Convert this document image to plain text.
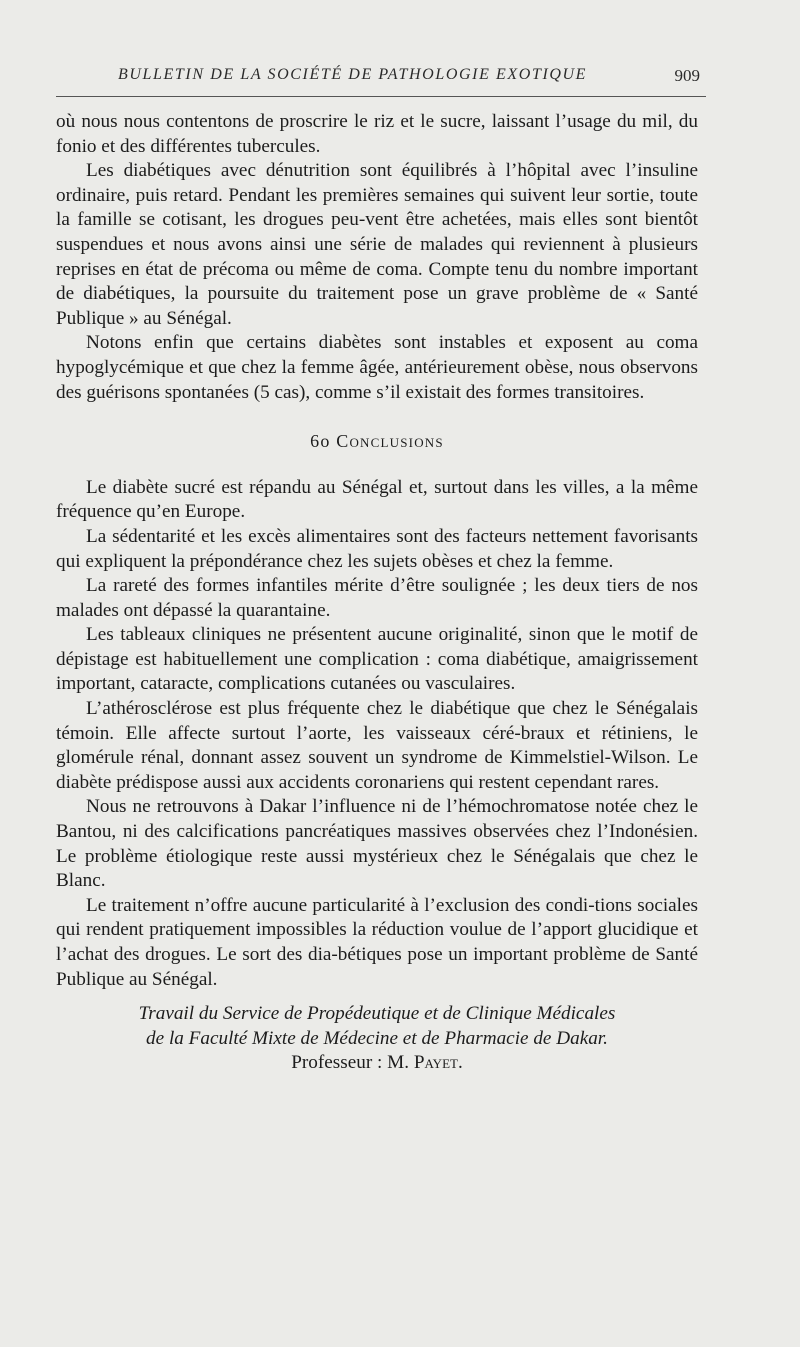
BULLETIN DE LA SOCIÉTÉ DE PATHOLOGIE EXOTIQUE	909

où nous nous contentons de proscrire le riz et le sucre, laissant l’usage du mil, du fonio et des différentes tubercules.

Les diabétiques avec dénutrition sont équilibrés à l’hôpital avec l’insuline ordinaire, puis retard. Pendant les premières semaines qui suivent leur sortie, toute la famille se cotisant, les drogues peu-vent être achetées, mais elles sont bientôt suspendues et nous avons ainsi une série de malades qui reviennent à plusieurs reprises en état de précoma ou même de coma. Compte tenu du nombre important de diabétiques, la poursuite du traitement pose un grave problème de « Santé Publique » au Sénégal.

Notons enfin que certains diabètes sont instables et exposent au coma hypoglycémique et que chez la femme âgée, antérieurement obèse, nous observons des guérisons spontanées (5 cas), comme s’il existait des formes transitoires.

6o Conclusions

Le diabète sucré est répandu au Sénégal et, surtout dans les villes, a la même fréquence qu’en Europe.

La sédentarité et les excès alimentaires sont des facteurs nettement favorisants qui expliquent la prépondérance chez les sujets obèses et chez la femme.

La rareté des formes infantiles mérite d’être soulignée ; les deux tiers de nos malades ont dépassé la quarantaine.

Les tableaux cliniques ne présentent aucune originalité, sinon que le motif de dépistage est habituellement une complication : coma diabétique, amaigrissement important, cataracte, complications cutanées ou vasculaires.

L’athérosclérose est plus fréquente chez le diabétique que chez le Sénégalais témoin. Elle affecte surtout l’aorte, les vaisseaux céré-braux et rétiniens, le glomérule rénal, donnant assez souvent un syndrome de Kimmelstiel-Wilson. Le diabète prédispose aussi aux accidents coronariens qui restent cependant rares.

Nous ne retrouvons à Dakar l’influence ni de l’hémochromatose notée chez le Bantou, ni des calcifications pancréatiques massives observées chez l’Indonésien. Le problème étiologique reste aussi mystérieux chez le Sénégalais que chez le Blanc.

Le traitement n’offre aucune particularité à l’exclusion des condi-tions sociales qui rendent pratiquement impossibles la réduction voulue de l’apport glucidique et l’achat des drogues. Le sort des dia-bétiques pose un important problème de Santé Publique au Sénégal.

Travail du Service de Propédeutique et de Clinique Médicales
de la Faculté Mixte de Médecine et de Pharmacie de Dakar.
Professeur : M. Payet.
